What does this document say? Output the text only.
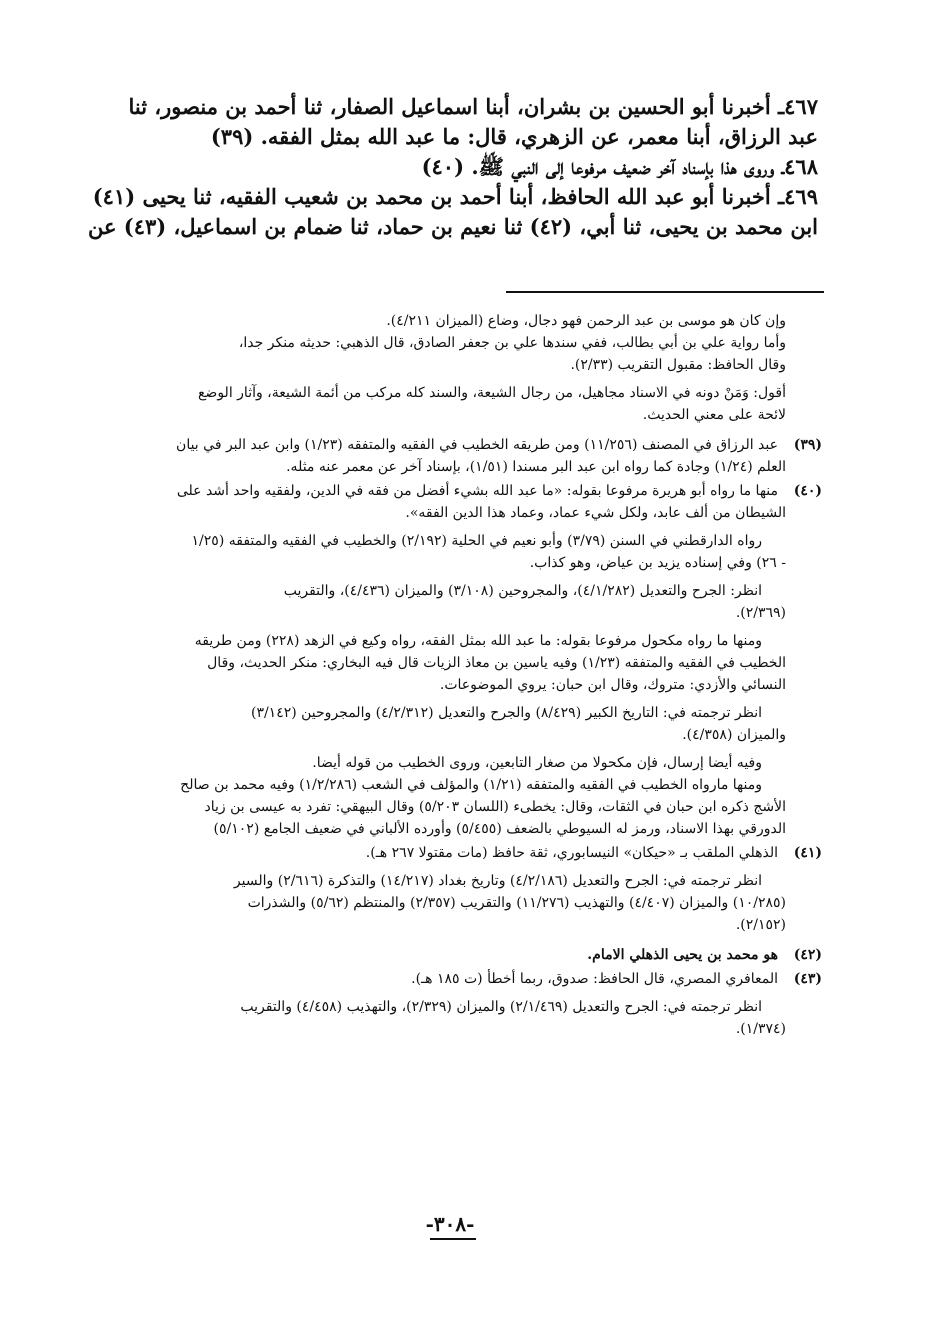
٤٦٧ـ أخبرنا أبو الحسين بن بشران، أبنا اسماعيل الصفار، ثنا أحمد بن منصور، ثنا
عبد الرزاق، أبنا معمر، عن الزهري، قال: ما عبد الله بمثل الفقه. (٣٩)
٤٦٨ـ وروى هذا بإسناد آخر ضعيف مرفوعا إلى النبي ﷺ. (٤٠)
٤٦٩ـ أخبرنا أبو عبد الله الحافظ، أبنا أحمد بن محمد بن شعيب الفقيه، ثنا يحيى (٤١)
ابن محمد بن يحيى، ثنا أبي، (٤٢) ثنا نعيم بن حماد، ثنا ضمام بن اسماعيل، (٤٣) عن
وإن كان هو موسى بن عبد الرحمن فهو دجال، وضاع (الميزان ٤/٢١١).
وأما رواية علي بن أبي بطالب، ففي سندها علي بن جعفر الصادق، قال الذهبي: حديثه منكر جدا،
وقال الحافظ: مقبول التقريب (٢/٣٣).
أقول: وَمَنْ دونه في الاسناد مجاهيل، من رجال الشيعة، والسند كله مركب من أئمة الشيعة، وآثار الوضع
لائحة على معني الحديث.
(٣٩)عبد الرزاق في المصنف (١١/٢٥٦) ومن طريقه الخطيب في الفقيه والمتفقه (١/٢٣) وابن عبد البر في بيان
العلم (١/٢٤) وجادة كما رواه ابن عبد البر مسندا (١/٥١)، بإسناد آخر عن معمر عنه مثله.
(٤٠)منها ما رواه أبو هريرة مرفوعا بقوله: «ما عبد الله بشيء أفضل من فقه في الدين، ولفقيه واحد أشد على
الشيطان من ألف عابد، ولكل شيء عماد، وعماد هذا الدين الفقه».
رواه الدارقطني في السنن (٣/٧٩) وأبو نعيم في الحلية (٢/١٩٢) والخطيب في الفقيه والمتفقه (١/٢٥
- ٢٦) وفي إسناده يزيد بن عياض، وهو كذاب.
انظر: الجرح والتعديل (٤/١/٢٨٢)، والمجروحين (٣/١٠٨) والميزان (٤/٤٣٦)، والتقريب
(٢/٣٦٩).
ومنها ما رواه مكحول مرفوعا بقوله: ما عبد الله بمثل الفقه، رواه وكيع في الزهد (٢٢٨) ومن طريقه
الخطيب في الفقيه والمتفقه (١/٢٣) وفيه ياسين بن معاذ الزيات قال فيه البخاري: منكر الحديث، وقال
النسائي والأزدي: متروك، وقال ابن حبان: يروي الموضوعات.
انظر ترجمته في: التاريخ الكبير (٨/٤٢٩) والجرح والتعديل (٤/٢/٣١٢) والمجروحين (٣/١٤٢)
والميزان (٤/٣٥٨).
وفيه أيضا إرسال، فإن مكحولا من صغار التابعين، وروى الخطيب من قوله أيضا.
ومنها مارواه الخطيب في الفقيه والمتفقه (١/٢١) والمؤلف في الشعب (١/٢/٢٨٦) وفيه محمد بن صالح
الأشج ذكره ابن حبان في الثقات، وقال: يخطىء (اللسان ٥/٢٠٣) وقال البيهقي: تفرد به عيسى بن زياد
الدورقي بهذا الاسناد، ورمز له السيوطي بالضعف (٥/٤٥٥) وأورده الألباني في ضعيف الجامع (٥/١٠٢)
(٤١)الذهلي الملقب بـ «حيكان» النيسابوري، ثقة حافظ (مات مقتولا ٢٦٧ هـ).
انظر ترجمته في: الجرح والتعديل (٤/٢/١٨٦) وتاريخ بغداد (١٤/٢١٧) والتذكرة (٢/٦١٦) والسير
(١٠/٢٨٥) والميزان (٤/٤٠٧) والتهذيب (١١/٢٧٦) والتقريب (٢/٣٥٧) والمنتظم (٥/٦٢) والشذرات
(٢/١٥٢).
(٤٢)هو محمد بن يحيى الذهلي الامام.
(٤٣)المعافري المصري، قال الحافظ: صدوق، ربما أخطأ (ت ١٨٥ هـ).
انظر ترجمته في: الجرح والتعديل (٢/١/٤٦٩) والميزان (٢/٣٢٩)، والتهذيب (٤/٤٥٨) والتقريب
(١/٣٧٤).
-٣٠٨-
